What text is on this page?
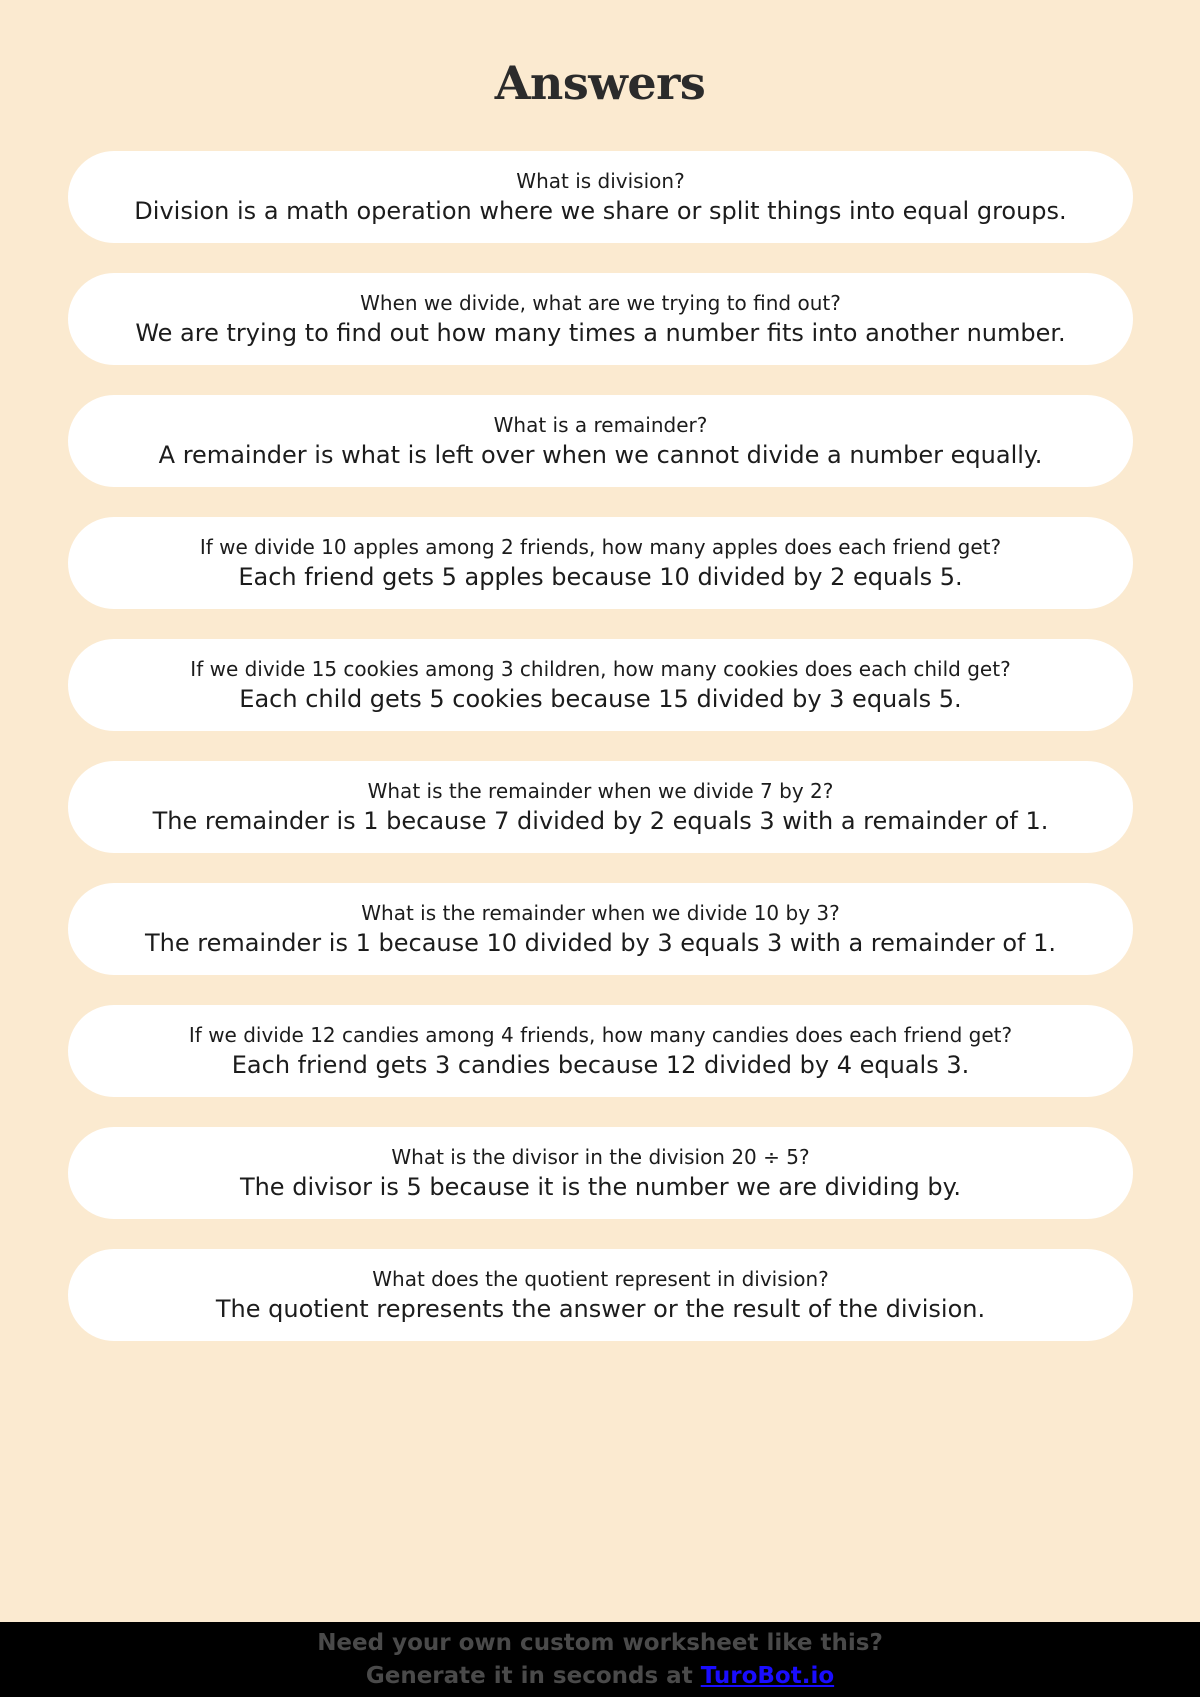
Answers
What is division?
Division is a math operation where we share or split things into equal groups.
When we divide, what are we trying to find out?
We are trying to find out how many times a number fits into another number.
What is a remainder?
A remainder is what is left over when we cannot divide a number equally.
If we divide 10 apples among 2 friends, how many apples does each friend get?
Each friend gets 5 apples because 10 divided by 2 equals 5.
If we divide 15 cookies among 3 children, how many cookies does each child get?
Each child gets 5 cookies because 15 divided by 3 equals 5.
What is the remainder when we divide 7 by 2?
The remainder is 1 because 7 divided by 2 equals 3 with a remainder of 1.
What is the remainder when we divide 10 by 3?
The remainder is 1 because 10 divided by 3 equals 3 with a remainder of 1.
If we divide 12 candies among 4 friends, how many candies does each friend get?
Each friend gets 3 candies because 12 divided by 4 equals 3.
What is the divisor in the division 20 ÷ 5?
The divisor is 5 because it is the number we are dividing by.
What does the quotient represent in division?
The quotient represents the answer or the result of the division.
Need your own custom worksheet like this?
Generate it in seconds at TuroBot.io
